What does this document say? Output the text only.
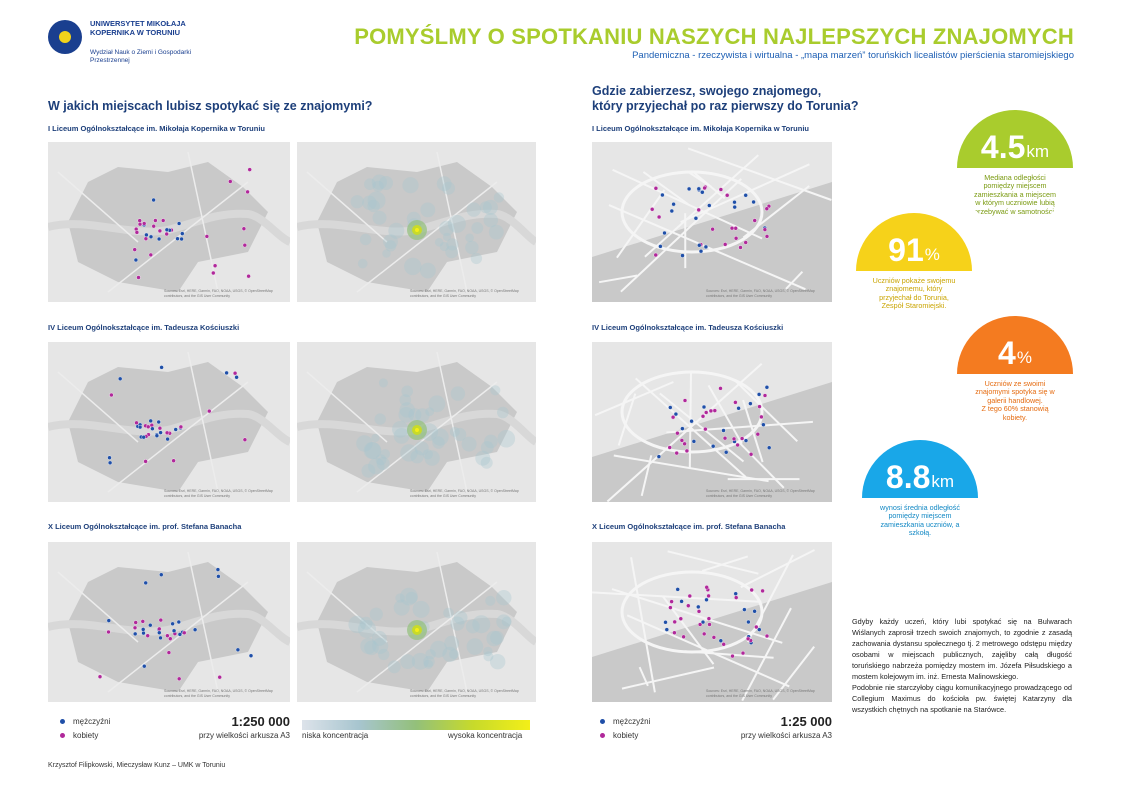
UNIWERSYTET MIKOŁAJA KOPERNIKA W TORUNIU
Wydział Nauk o Ziemi i Gospodarki Przestrzennej
POMYŚLMY O SPOTKANIU NASZYCH NAJLEPSZYCH ZNAJOMYCH
Pandemiczna - rzeczywista i wirtualna - „mapa marzeń” toruńskich licealistów pierścienia staromiejskiego
W jakich miejscach lubisz spotykać się ze znajomymi?
Gdzie zabierzesz, swojego znajomego,
który przyjechał po raz pierwszy do Torunia?
I Liceum Ogólnokształcące im. Mikołaja Kopernika w Toruniu
IV Liceum Ogólnokształcące im. Tadeusza Kościuszki
X Liceum Ogólnokształcące im. prof. Stefana Banacha
I Liceum Ogólnokształcące im. Mikołaja Kopernika w Toruniu
IV Liceum Ogólnokształcące im. Tadeusza Kościuszki
X Liceum Ogólnokształcące im. prof. Stefana Banacha
Sources: Esri, HERE, Garmin, FAO, NOAA, USGS, © OpenStreetMap contributors, and the GIS User Community
Sources: Esri, HERE, Garmin, FAO, NOAA, USGS, © OpenStreetMap contributors, and the GIS User Community
Sources: Esri, HERE, Garmin, FAO, NOAA, USGS, © OpenStreetMap contributors, and the GIS User Community
Sources: Esri, HERE, Garmin, FAO, NOAA, USGS, © OpenStreetMap contributors, and the GIS User Community
Sources: Esri, HERE, Garmin, FAO, NOAA, USGS, © OpenStreetMap contributors, and the GIS User Community
Sources: Esri, HERE, Garmin, FAO, NOAA, USGS, © OpenStreetMap contributors, and the GIS User Community
Sources: Esri, HERE, Garmin, FAO, NOAA, USGS, © OpenStreetMap contributors, and the GIS User Community
Sources: Esri, HERE, Garmin, FAO, NOAA, USGS, © OpenStreetMap contributors, and the GIS User Community
Sources: Esri, HERE, Garmin, FAO, NOAA, USGS, © OpenStreetMap contributors, and the GIS User Community
mężczyźni
kobiety
1:250 000
przy wielkości arkusza A3 niska koncentracja	wysoka koncentracja
mężczyźni
kobiety
1:25 000
przy wielkości arkusza A3
4.5 km
Mediana odległości pomiędzy miejscem zamieszkania a miejscem w którym uczniowie lubią przebywać w samotności.
91 %
Uczniów pokaże swojemu znajomemu, który przyjechał do Torunia, Zespół Staromiejski.
4 %
Uczniów ze swoimi znajomymi spotyka się w galerii handlowej.
Z tego 60% stanowią kobiety.
8.8 km
wynosi średnia odległość pomiędzy miejscem zamieszkania uczniów, a szkołą.
Gdyby każdy uczeń, który lubi spotykać się na Bulwarach Wiślanych zaprosił trzech swoich znajomych, to zgodnie z zasadą zachowania dystansu społecznego tj. 2 metrowego odstępu między osobami w miejscach publicznych, zajęliby całą długość toruńskiego nabrzeża pomiędzy mostem im. Józefa Piłsudskiego a mostem kolejowym im. inż. Ernesta Malinowskiego.
Podobnie nie starczyłoby ciągu komunikacyjnego prowadzącego od Collegium Maximus do kościoła pw. świętej Katarzyny dla wszystkich chętnych na spotkanie na Starówce.
Krzysztof Filipkowski, Mieczysław Kunz – UMK w Toruniu
